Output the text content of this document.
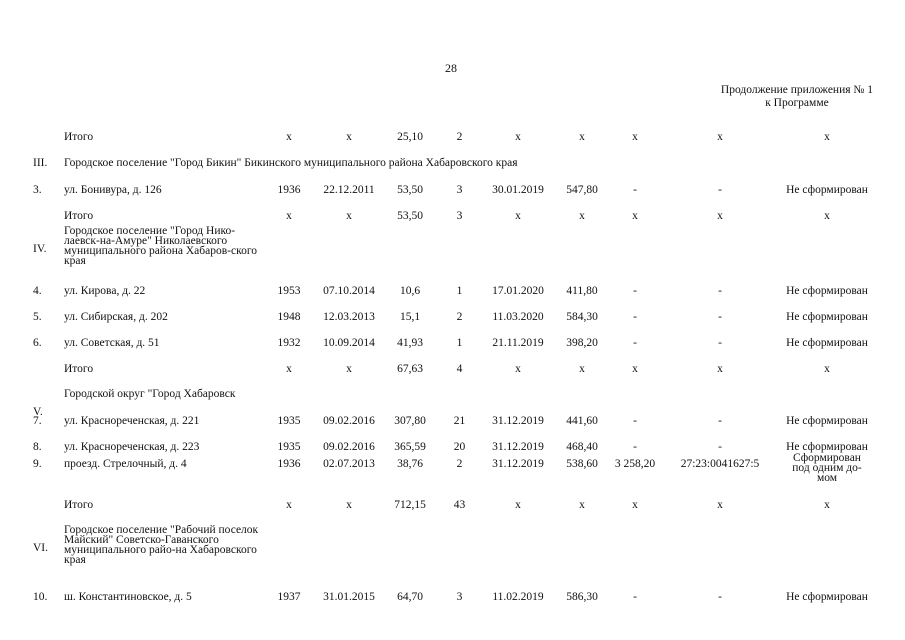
28
Продолжение приложения № 1
к Программе
Итого	x	x	25,10	2	x	x	x	x	x
III. Городское поселение "Город Бикин" Бикинского муниципального района Хабаровского края
3.	ул. Бонивура, д. 126	1936	22.12.2011	53,50	3	30.01.2019	547,80	-	-	Не сформирован
Итого	x	x	53,50	3	x	x	x	x	x
IV.
Городское поселение "Город Нико-лаевск-на-Амуре" Николаевского муниципального района Хабаров-ского края
4.	ул. Кирова, д. 22	1953	07.10.2014	10,6	1	17.01.2020	411,80	-	-	Не сформирован
5.	ул. Сибирская, д. 202	1948	12.03.2013	15,1	2	11.03.2020	584,30	-	-	Не сформирован
6.	ул. Советская, д. 51	1932	10.09.2014	41,93	1	21.11.2019	398,20	-	-	Не сформирован
Итого	x	x	67,63	4	x	x	x	x	x
V.
Городской округ "Город Хабаровск
7.	ул. Краснореченская, д. 221	1935	09.02.2016	307,80	21	31.12.2019	441,60	-	-	Не сформирован
8.	ул. Краснореченская, д. 223	1935	09.02.2016	365,59	20	31.12.2019	468,40	-	-	Не сформирован
9.	проезд. Стрелочный, д. 4	1936	02.07.2013	38,76	2	31.12.2019	538,60	3 258,20	27:23:0041627:5	Сформирован под одним до-мом
Итого	x	x	712,15	43	x	x	x	x	x
VI.
Городское поселение "Рабочий поселок Майский" Советско-Гаванского муниципального райо-на Хабаровского края
10.	ш. Константиновское, д. 5	1937	31.01.2015	64,70	3	11.02.2019	586,30	-	-	Не сформирован
